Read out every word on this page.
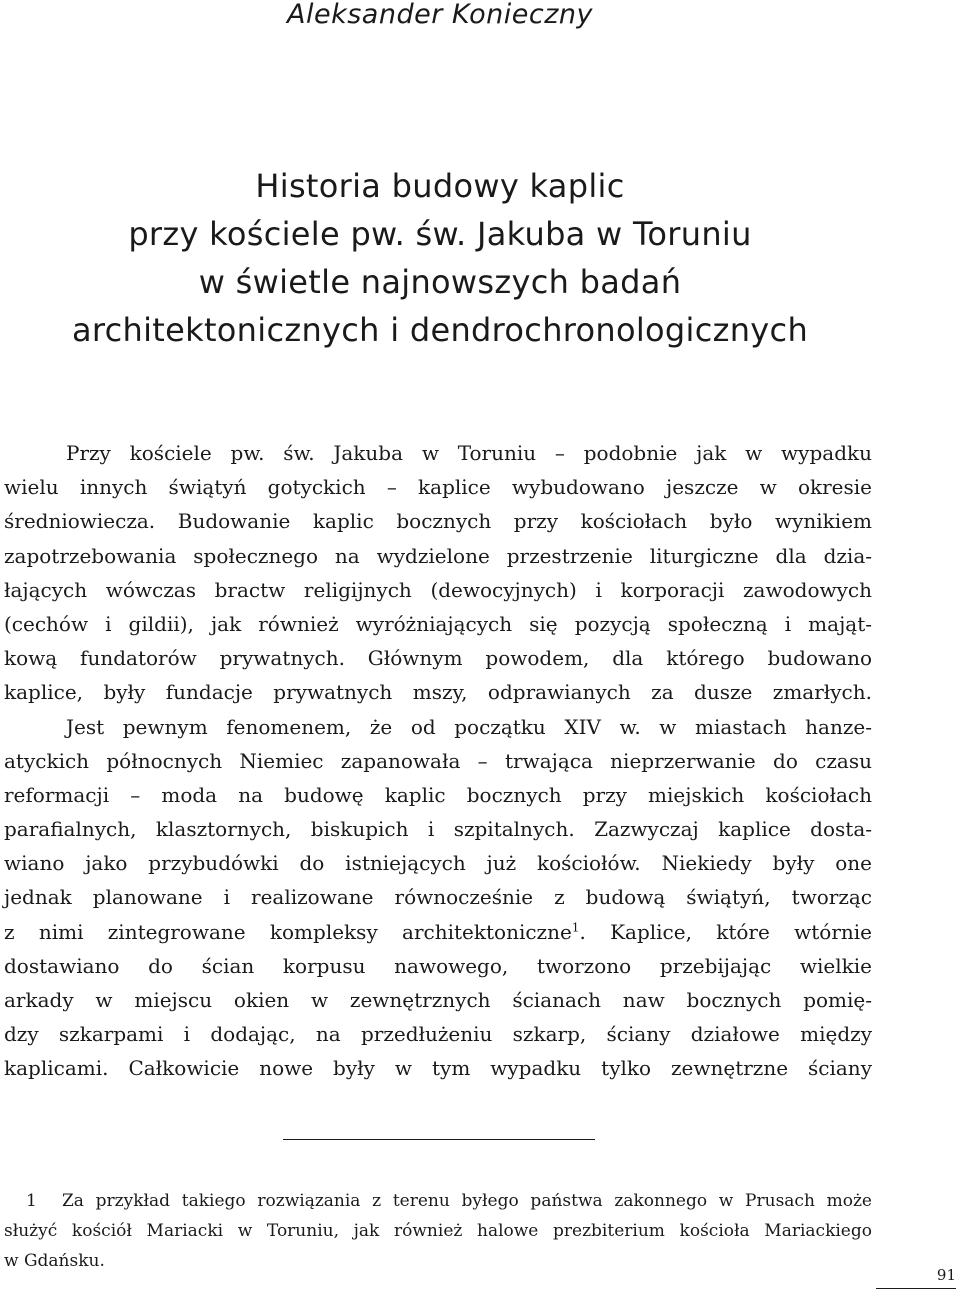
Aleksander Konieczny
Historia budowy kaplic
przy kościele pw. św. Jakuba w Toruniu
w świetle najnowszych badań
architektonicznych i dendrochronologicznych
Przy kościele pw. św. Jakuba w Toruniu – podobnie jak w wypadku
wielu innych świątyń gotyckich – kaplice wybudowano jeszcze w okresie
średniowiecza. Budowanie kaplic bocznych przy kościołach było wynikiem
zapotrzebowania społecznego na wydzielone przestrzenie liturgiczne dla dzia-
łających wówczas bractw religijnych (dewocyjnych) i korporacji zawodowych
(cechów i gildii), jak również wyróżniających się pozycją społeczną i mająt-
kową fundatorów prywatnych. Głównym powodem, dla którego budowano
kaplice, były fundacje prywatnych mszy, odprawianych za dusze zmarłych.
Jest pewnym fenomenem, że od początku XIV w. w miastach hanze-
atyckich północnych Niemiec zapanowała – trwająca nieprzerwanie do czasu
reformacji – moda na budowę kaplic bocznych przy miejskich kościołach
parafialnych, klasztornych, biskupich i szpitalnych. Zazwyczaj kaplice dosta-
wiano jako przybudówki do istniejących już kościołów. Niekiedy były one
jednak planowane i realizowane równocześnie z budową świątyń, tworząc
z nimi zintegrowane kompleksy architektoniczne$^1$. Kaplice, które wtórnie
dostawiano do ścian korpusu nawowego, tworzono przebijając wielkie
arkady w miejscu okien w zewnętrznych ścianach naw bocznych pomię-
dzy szkarpami i dodając, na przedłużeniu szkarp, ściany działowe między
kaplicami. Całkowicie nowe były w tym wypadku tylko zewnętrzne ściany
1 Za przykład takiego rozwiązania z terenu byłego państwa zakonnego w Prusach może
służyć kościół Mariacki w Toruniu, jak również halowe prezbiterium kościoła Mariackiego
w Gdańsku.
91
